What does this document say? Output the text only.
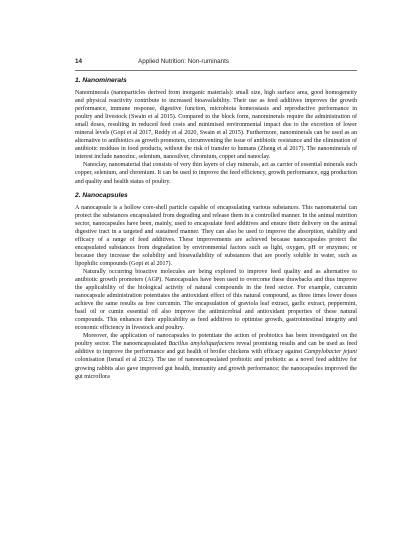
14	Applied Nutrition: Non-ruminants
1. Nanominerals

Nanominerals (nanoparticles derived from inorganic materials): small size, high surface area, good homogeneity and physical reactivity contribute to increased bioavailability. Their use as feed additives improves the growth performance, immune response, digestive function, microbiota homeostasis and reproductive performance in poultry and livestock (Swain et al 2015). Compared to the block form, nanominerals require the administration of small doses, resulting in reduced feed costs and minimised environmental impact due to the excretion of lower mineral levels (Gopi et al 2017, Reddy et al 2020, Swain et al 2015). Furthermore, nanominerals can be used as an alternative to antibiotics as growth promoters, circumventing the issue of antibiotic resistance and the elimination of antibiotic residues in food products, without the risk of transfer to humans (Zheng et al 2017). The nanominerals of interest include nanozinc, selenium, nanosilver, chromium, copper and nanoclay.

Nanoclay, nanomaterial that consists of very thin layers of clay minerals, act as carrier of essential minerals such copper, selenium, and chromium. It can be used to improve the feed efficiency, growth performance, egg production and quality and health status of poultry.

2. Nanocapsules

A nanocapsule is a hollow core-shell particle capable of encapsulating various substances. This nanomaterial can protect the substances encapsulated from degrading and release them in a controlled manner. In the animal nutrition sector, nanocapsules have been, mainly, used to encapsulate feed additives and ensure their delivery on the animal digestive tract in a targeted and sustained manner. They can also be used to improve the absorption, stability and efficacy of a range of feed additives. These improvements are achieved because nanocapsules protect the encapsulated substances from degradation by environmental factors such as light, oxygen, pH or enzymes; or because they increase the solubility and bioavailability of substances that are poorly soluble in water, such as lipophilic compounds (Gopi et al 2017).

Naturally occurring bioactive molecules are being explored to improve feed quality and as alternative to antibiotic growth promoters (AGP). Nanocapsules have been used to overcome these drawbacks and thus improve the applicability of the biological activity of natural compounds in the feed sector. For example, curcumin nanocapsule administration potentiates the antioxidant effect of this natural compound, as three times lower doses achieve the same results as free curcumin. The encapsulation of graviola leaf extract, garlic extract, peppermint, basil oil or cumin essential oil also improve the antimicrobial and antioxidant properties of these natural compounds. This enhances their applicability as feed additives to optimise growth, gastrointestinal integrity and economic efficiency in livestock and poultry.

Moreover, the application of nanocapsules to potentiate the action of probiotics has been investigated on the poultry sector. The nanoencapsulated Bacillus amyloliquefaciens reveal promising results and can be used as feed additive to improve the performance and gut health of broiler chickens with efficacy against Campylobacter jejuni colonisation (Ismail et al 2023). The use of nanoencapsulated probiotic and prebiotic as a novel feed additive for growing rabbits also gave improved gut health, immunity and growth performance; the nanocapsules improved the gut microflora
